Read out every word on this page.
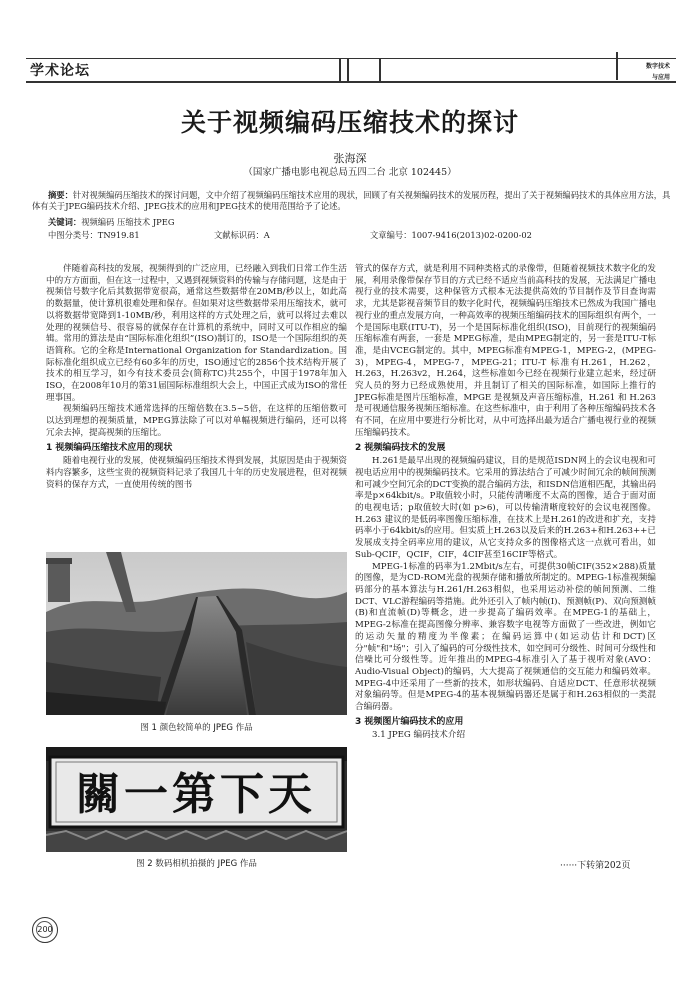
学术论坛	数字技术
与应用
关于视频编码压缩技术的探讨
张海深
（国家广播电影电视总局五四二台 北京 102445）
摘要：针对视频编码压缩技术的探讨问题，文中介绍了视频编码压缩技术应用的现状，回顾了有关视频编码技术的发展历程，提出了关于视频编码技术的具体应用方法，具体有关于JPEG编码技术介绍、JPEG技术的应用和JPEG技术的使用范围给予了论述。
关键词：视频编码 压缩技术 JPEG
中图分类号：TN919.81	文献标识码：A	文章编号：1007-9416(2013)02-0200-02

伴随着高科技的发展，视频得到的广泛应用，已经融入到我们日常工作生活中的方方面面，但在这一过程中，又遇到视频资料的传输与存储问题，这是由于视频信号数字化后其数据带宽很高，通常这些数据带在20MB/秒以上，如此高的数据量，使计算机很难处理和保存。但如果对这些数据带采用压缩技术，就可以将数据带宽降到1-10MB/秒，利用这样的方式处理之后，就可以将过去难以处理的视频信号、很容易的就保存在计算机的系统中，同时又可以作相应的编辑。常用的算法是由“国际标准化组织”(ISO)制订的，ISO是一个国际组织的英语简称。它的全称是International Organization for Standardization。国际标准化组织成立已经有60多年的历史，ISO通过它的2856个技术结构开展了技术的相互学习，如今有技术委员会(简称TC)共255个，中国于1978年加入ISO，在2008年10月的第31届国际标准组织大会上，中国正式成为ISO的常任理事国。

视频编码压缩技术通常选择的压缩倍数在3.5~5倍，在这样的压缩倍数可以达到理想的视频质量，MPEG算法除了可以对单幅视频进行编码，还可以将冗余去掉，提高视频的压缩比。

1 视频编码压缩技术应用的现状

随着电视行业的发展，使视频编码压缩技术得到发展，其原因是由于视频资料内容繁多，这些宝贵的视频资料记录了我国几十年的历史发展进程，但对视频资料的保存方式，一直使用传统的图书

图 1 颜色较简单的 JPEG 作品
關一第下天
图 2 数码相机拍摄的 JPEG 作品

管式的保存方式，就是利用不同种类格式的录像带，但随着视频技术数字化的发展，利用录像带保存节目的方式已经不适应当前高科技的发展，无法满足广播电视行业的技术需要，这种保管方式根本无法提供高效的节目制作及节目查询需求，尤其是影视音频节目的数字化时代，视频编码压缩技术已然成为我国广播电视行业的重点发展方向，一种高效率的视频压缩编码技术的国际组织有两个，一个是国际电联(ITU-T)，另一个是国际标准化组织(ISO)，目前现行的视频编码压缩标准有两套，一套是 MPEG标准，是由MPEG制定的，另一套是ITU-T标准，是由VCEG制定的。其中，MPEG标准有MPEG-1，MPEG-2，(MPEG-3)，MPEG-4，MPEG-7，MPEG-21；ITU-T 标准有H.261，H.262，H.263，H.263v2，H.264，这些标准如今已经在视频行业建立起来，经过研究人员的努力已经成熟使用，并且制订了相关的国际标准，如国际上推行的JPEG标准是图片压缩标准，MPGE 是视频及声音压缩标准，H.261 和 H.263 是可视通信服务视频压缩标准。在这些标准中，由于利用了各种压缩编码技术各有不同，在应用中要进行分析比对，从中可选择出最为适合广播电视行业的视频压缩编码技术。

2 视频编码技术的发展

H.261是最早出现的视频编码建议，目的是规范ISDN网上的会议电视和可视电话应用中的视频编码技术。它采用的算法结合了可减少时间冗余的帧间预测和可减少空间冗余的DCT变换的混合编码方法，和ISDN信道相匹配，其输出码率是p×64kbit/s。P取值较小时，只能传清晰度不太高的图像，适合于面对面的电视电话；p取值较大时(如 p>6)，可以传输清晰度较好的会议电视图像。H.263 建议的是低码率图像压缩标准，在技术上是H.261的改进和扩充，支持码率小于64kbit/s的应用。但实质上H.263以及后来的H.263+和H.263++已发展成支持全码率应用的建议，从它支持众多的图像格式这一点就可看出，如Sub-QCIF，QCIF，CIF，4CIF甚至16CIF等格式。

MPEG-1标准的码率为1.2Mbit/s左右，可提供30帧CIF(352×288)质量的图像，是为CD-ROM光盘的视频存储和播放所制定的。MPEG-1标准视频编码部分的基本算法与H.261/H.263相似，也采用运动补偿的帧间预测、二维DCT、VLC游程编码等措施。此外还引入了帧内帧(I)、预测帧(P)、双向预测帧(B)和直流帧(D)等概念，进一步提高了编码效率。在MPEG-1的基础上，MPEG-2标准在提高图像分辨率、兼容数字电视等方面做了一些改进，例如它的运动矢量的精度为半像素；在编码运算中(如运动估计和DCT)区分"帧"和"场"；引入了编码的可分级性技术，如空间可分级性、时间可分级性和信噪比可分级性等。近年推出的MPEG-4标准引入了基于视听对象(AVO：Audio-Visual Object)的编码，大大提高了视频通信的交互能力和编码效率。MPEG-4中还采用了一些新的技术，如形状编码、自适应DCT、任意形状视频对象编码等。但是MPEG-4的基本视频编码器还是属于和H.263相似的一类混合编码器。

3 视频图片编码技术的应用

3.1 JPEG 编码技术介绍

······下转第202页
200
